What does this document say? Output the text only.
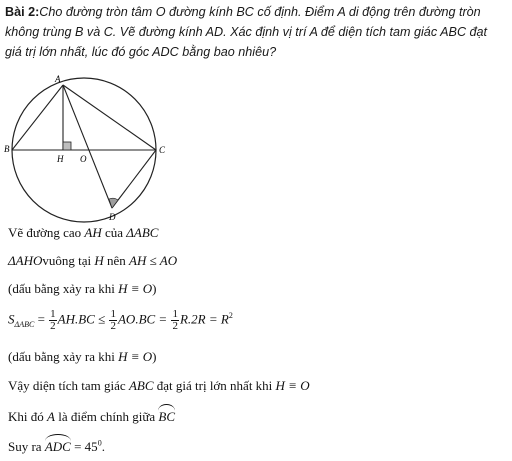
Bài 2:Cho đường tròn tâm O đường kính BC cố định. Điểm A di động trên đường tròn không trùng B và C. Vẽ đường kính AD. Xác định vị trí A để diện tích tam giác ABC đạt giá trị lớn nhất, lúc đó góc ADC bằng bao nhiêu?
A
B	C
H O
D
Vẽ đường cao AH của ΔABC
ΔAHOvuông tại H nên AH ≤ AO
(dấu bằng xảy ra khi H ≡ O)
$S_{\Delta ABC} = \frac{1}{2} AH.BC \le \frac{1}{2} AO.BC = \frac{1}{2} R.2R = R^2$
(dấu bằng xảy ra khi H ≡ O)
Vậy diện tích tam giác ABC đạt giá trị lớn nhất khi H ≡ O
Khi đó A là điểm chính giữa BC
Suy ra ADC = $45^0$.
